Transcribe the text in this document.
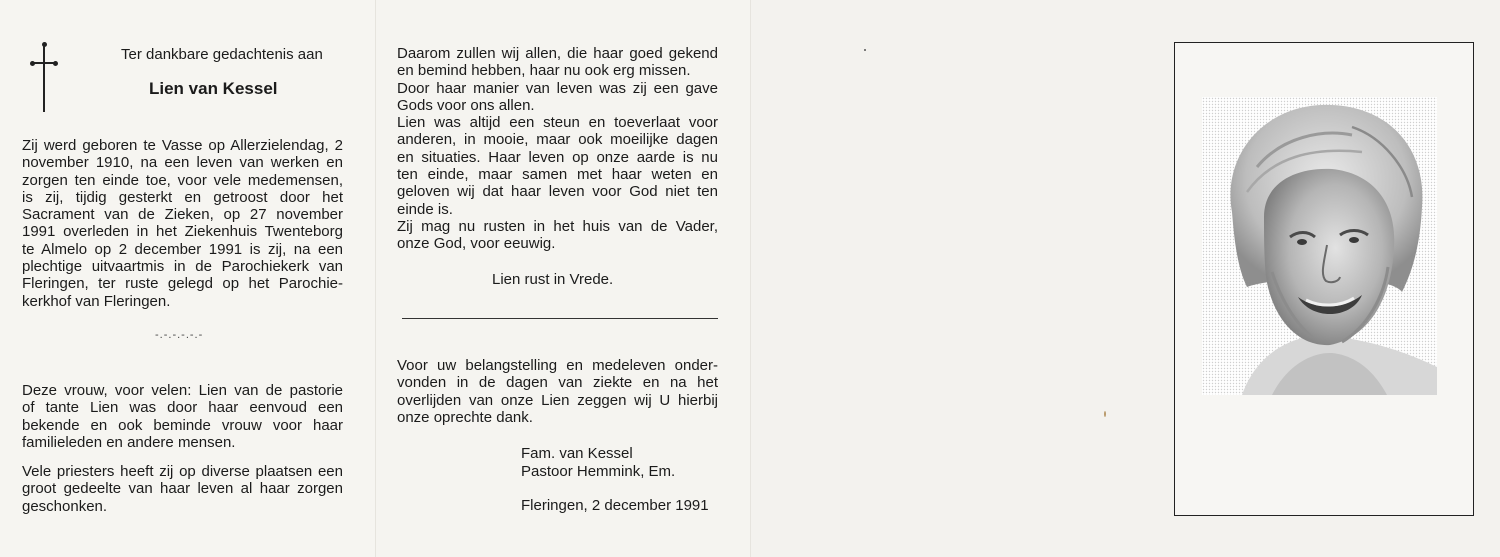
Ter dankbare gedachtenis aan
Lien van Kessel
Zij werd geboren te Vasse op Allerzielendag, 2
november 1910, na een leven van werken en
zorgen ten einde toe, voor vele medemensen,
is zij, tijdig gesterkt en getroost door het
Sacrament van de Zieken, op 27 november
1991 overleden in het Ziekenhuis Twenteborg
te Almelo op 2 december 1991 is zij, na een
plechtige uitvaartmis in de Parochiekerk van
Fleringen, ter ruste gelegd op het Parochie-
kerkhof van Fleringen.
-.-.-.-.-.-
Deze vrouw, voor velen: Lien van de pastorie
of tante Lien was door haar eenvoud een
bekende en ook beminde vrouw voor haar
familieleden en andere mensen.
Vele priesters heeft zij op diverse plaatsen een
groot gedeelte van haar leven al haar zorgen
geschonken.
Daarom zullen wij allen, die haar goed gekend
en bemind hebben, haar nu ook erg missen.
Door haar manier van leven was zij een gave
Gods voor ons allen.
Lien was altijd een steun en toeverlaat voor
anderen, in mooie, maar ook moeilijke dagen
en situaties. Haar leven op onze aarde is nu
ten einde, maar samen met haar weten en
geloven wij dat haar leven voor God niet ten
einde is.
Zij mag nu rusten in het huis van de Vader,
onze God, voor eeuwig.
Lien rust in Vrede.
Voor uw belangstelling en medeleven onder-
vonden in de dagen van ziekte en na het
overlijden van onze Lien zeggen wij U hierbij
onze oprechte dank.
Fam. van Kessel
Pastoor Hemmink, Em.
Fleringen, 2 december 1991
